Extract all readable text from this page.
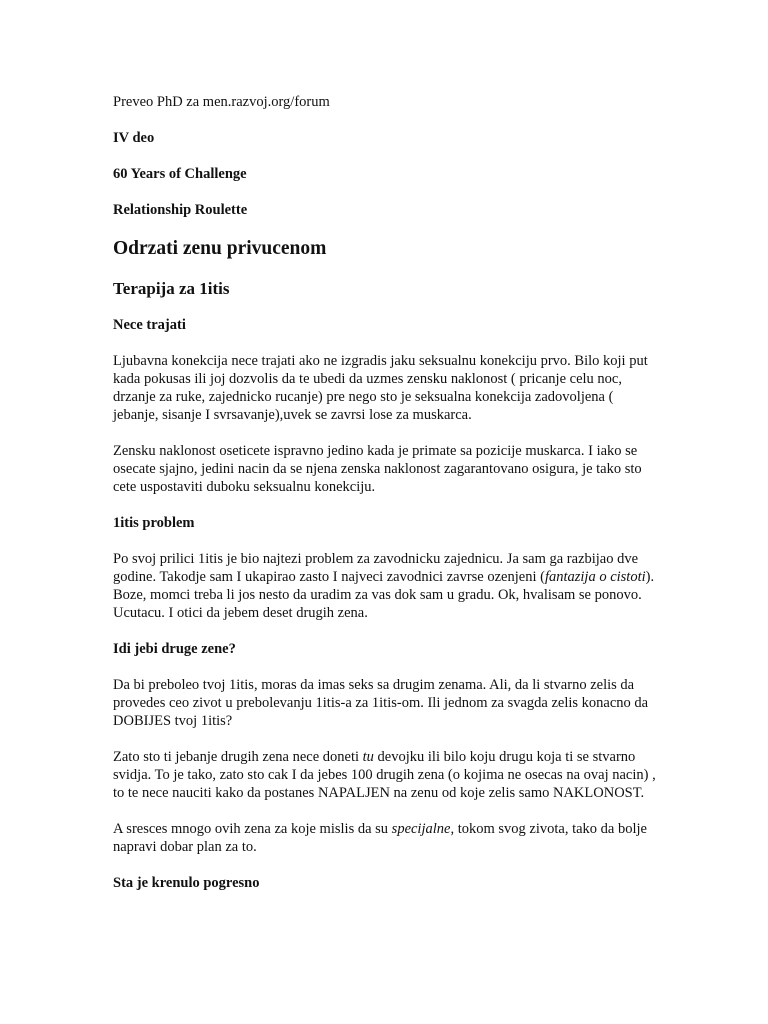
Preveo PhD za men.razvoj.org/forum

IV deo

60 Years of Challenge

Relationship Roulette

Odrzati zenu privucenom
Terapija za 1itis

Nece trajati

Ljubavna konekcija nece trajati ako ne izgradis jaku seksualnu konekciju prvo. Bilo koji put kada pokusas ili joj dozvolis da te ubedi da uzmes zensku naklonost ( pricanje celu noc, drzanje za ruke, zajednicko rucanje) pre nego sto je seksualna konekcija zadovoljena ( jebanje, sisanje I svrsavanje),uvek se zavrsi lose za muskarca.

Zensku naklonost oseticete ispravno jedino kada je primate sa pozicije muskarca. I iako se osecate sjajno, jedini nacin da se njena zenska naklonost zagarantovano osigura, je tako sto cete uspostaviti duboku seksualnu konekciju.

1itis problem

Po svoj prilici 1itis je bio najtezi problem za zavodnicku zajednicu. Ja sam ga razbijao dve godine. Takodje sam I ukapirao zasto I najveci zavodnici zavrse ozenjeni (fantazija o cistoti). Boze, momci treba li jos nesto da uradim za vas dok sam u gradu. Ok, hvalisam se ponovo. Ucutacu. I otici da jebem deset drugih zena.

Idi jebi druge zene?

Da bi preboleo tvoj 1itis, moras da imas seks sa drugim zenama. Ali, da li stvarno zelis da provedes ceo zivot u prebolevanju 1itis-a za 1itis-om. Ili jednom za svagda zelis konacno da DOBIJES tvoj 1itis?

Zato sto ti jebanje drugih zena nece doneti tu devojku ili bilo koju drugu koja ti se stvarno svidja. To je tako, zato sto cak I da jebes 100 drugih zena (o kojima ne osecas na ovaj nacin) , to te nece nauciti kako da postanes NAPALJEN na zenu od koje zelis samo NAKLONOST.

A sresces mnogo ovih zena za koje mislis da su specijalne, tokom svog zivota, tako da bolje napravi dobar plan za to.

Sta je krenulo pogresno
